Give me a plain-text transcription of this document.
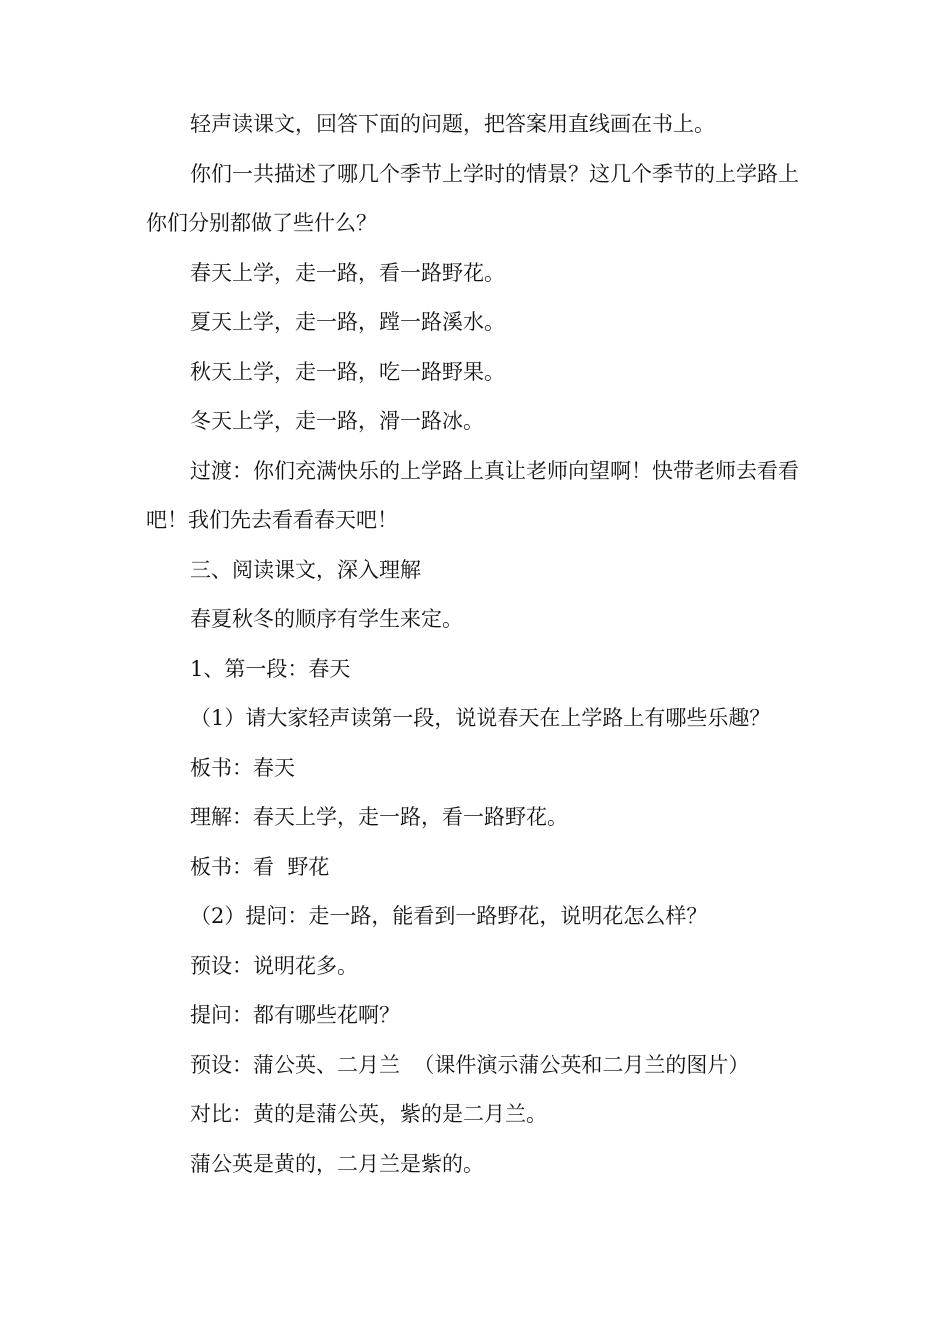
轻声读课文，回答下面的问题，把答案用直线画在书上。

你们一共描述了哪几个季节上学时的情景？这几个季节的上学路上你们分别都做了些什么？

春天上学，走一路，看一路野花。

夏天上学，走一路，蹚一路溪水。

秋天上学，走一路，吃一路野果。

冬天上学，走一路，滑一路冰。

过渡：你们充满快乐的上学路上真让老师向望啊！快带老师去看看吧！我们先去看看春天吧！

三、阅读课文，深入理解

春夏秋冬的顺序有学生来定。

1、第一段：春天

（1）请大家轻声读第一段，说说春天在上学路上有哪些乐趣？

板书：春天

理解：春天上学，走一路，看一路野花。

板书：看  野花

（2）提问：走一路，能看到一路野花，说明花怎么样？

预设：说明花多。

提问：都有哪些花啊？

预设：蒲公英、二月兰  （课件演示蒲公英和二月兰的图片）

对比：黄的是蒲公英，紫的是二月兰。

蒲公英是黄的，二月兰是紫的。
